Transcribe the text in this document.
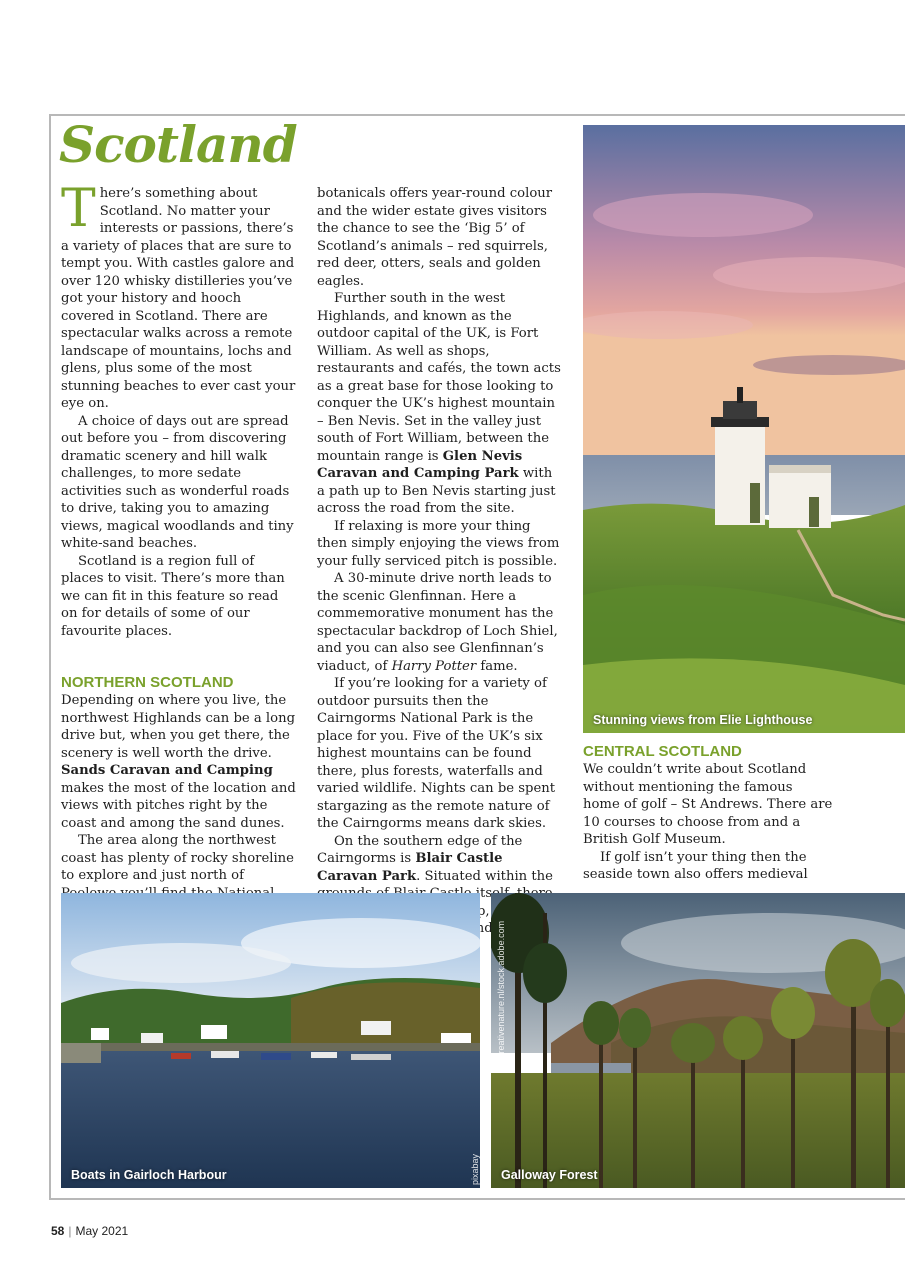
Scotland

There’s something about Scotland. No matter your interests or passions, there’s a variety of places that are sure to tempt you. With castles galore and over 120 whisky distilleries you’ve got your history and hooch covered in Scotland. There are spectacular walks across a remote landscape of mountains, lochs and glens, plus some of the most stunning beaches to ever cast your eye on.

A choice of days out are spread out before you – from discovering dramatic scenery and hill walk challenges, to more sedate activities such as wonderful roads to drive, taking you to amazing views, magical woodlands and tiny white-sand beaches.

Scotland is a region full of places to visit. There’s more than we can fit in this feature so read on for details of some of our favourite places.

NORTHERN SCOTLAND

Depending on where you live, the northwest Highlands can be a long drive but, when you get there, the scenery is well worth the drive. Sands Caravan and Camping makes the most of the location and views with pitches right by the coast and among the sand dunes.

The area along the northwest coast has plenty of rocky shoreline to explore and just north of

botanicals offers year-round colour and the wider estate gives visitors the chance to see the ‘Big 5’ of Scotland’s animals – red squirrels, red deer, otters, seals and golden eagles.

Further south in the west Highlands, and known as the outdoor capital of the UK, is Fort William. As well as shops, restaurants and cafés, the town acts as a great base for those looking to conquer the UK’s highest mountain – Ben Nevis. Set in the valley just south of Fort William, between the mountain range is Glen Nevis Caravan and Camping Park with a path up to Ben Nevis starting just across the road from the site.

If relaxing is more your thing then simply enjoying the views from your fully serviced pitch is possible.

A 30-minute drive north leads to the scenic Glenfinnan. Here a commemorative monument has the spectacular backdrop of Loch Shiel, and you can also see Glenfinnan’s viaduct, of Harry Potter fame.

If you’re looking for a variety of outdoor pursuits then the Cairngorms National Park is the place for you. Five of the UK’s six highest mountains can be found there, plus forests, waterfalls and varied wildlife. Nights can be spent stargazing as the remote nature of the Cairngorms means dark skies.

On the southern edge of the Cairngorms is Blair Castle Caravan Park. Situated within the and

Stunning views from Elie Lighthouse
CENTRAL SCOTLAND

We couldn’t write about Scotland without mentioning the famous home of golf – St Andrews. There are 10 courses to choose from and a British Golf Museum.

If golf isn’t your thing then the seaside town also offers medieval

Boats in Gairloch Harbour	pixabay Galloway Forest
creativenature.nl/stock.adobe.com
58 | May 2021
